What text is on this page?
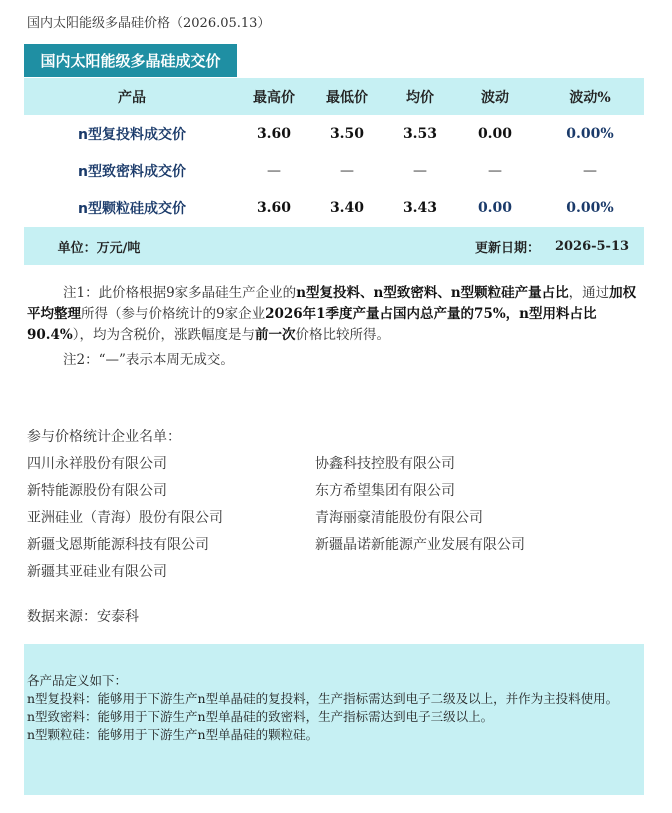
国内太阳能级多晶硅价格（2026.05.13）
国内太阳能级多晶硅成交价
产品	最高价	最低价	均价	波动	波动%
n型复投料成交价	3.60	3.50	3.53	0.00	0.00%
n型致密料成交价	—	—	—	—	—
n型颗粒硅成交价	3.60	3.40	3.43	0.00	0.00%
单位：万元/吨	更新日期：	2026-5-13

注1：此价格根据9家多晶硅生产企业的n型复投料、n型致密料、n型颗粒硅产量占比，通过加权平均整理所得（参与价格统计的9家企业2026年1季度产量占国内总产量的75%，n型用料占比90.4%），均为含税价，涨跌幅度是与前一次价格比较所得。

注2：“—”表示本周无成交。

参与价格统计企业名单：
四川永祥股份有限公司	协鑫科技控股有限公司
新特能源股份有限公司	东方希望集团有限公司
亚洲硅业（青海）股份有限公司	青海丽豪清能股份有限公司
新疆戈恩斯能源科技有限公司	新疆晶诺新能源产业发展有限公司
新疆其亚硅业有限公司
数据来源：安泰科
各产品定义如下：
n型复投料：能够用于下游生产n型单晶硅的复投料，生产指标需达到电子二级及以上，并作为主投料使用。
n型致密料：能够用于下游生产n型单晶硅的致密料，生产指标需达到电子三级以上。
n型颗粒硅：能够用于下游生产n型单晶硅的颗粒硅。
